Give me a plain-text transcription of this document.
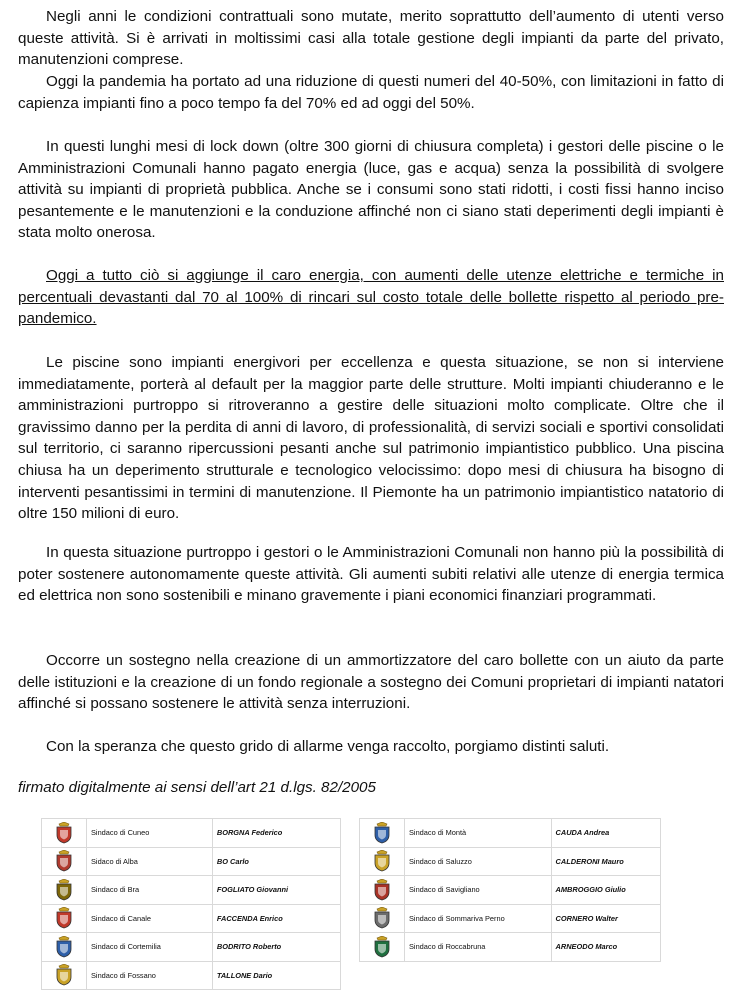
Negli anni le condizioni contrattuali sono mutate, merito soprattutto dell’aumento di utenti verso queste attività. Si è arrivati in moltissimi casi alla totale gestione degli impianti da parte del privato, manutenzioni comprese.

Oggi la pandemia ha portato ad una riduzione di questi numeri del 40-50%, con limitazioni in fatto di capienza impianti fino a poco tempo fa del 70% ed ad oggi del 50%.

In questi lunghi mesi di lock down (oltre 300 giorni di chiusura completa) i gestori delle piscine o le Amministrazioni Comunali hanno pagato energia (luce, gas e acqua) senza la possibilità di svolgere attività su impianti di proprietà pubblica. Anche se i consumi sono stati ridotti, i costi fissi hanno inciso pesantemente e le manutenzioni e la conduzione affinché non ci siano stati deperimenti degli impianti è stata molto onerosa.

Oggi a tutto ciò si aggiunge il caro energia, con aumenti delle utenze elettriche e termiche in percentuali devastanti dal 70 al 100% di rincari sul costo totale delle bollette rispetto al periodo pre- pandemico.

Le piscine sono impianti energivori per eccellenza e questa situazione, se non si interviene immediatamente, porterà al default per la maggior parte delle strutture. Molti impianti chiuderanno e le amministrazioni purtroppo si ritroveranno a gestire delle situazioni molto complicate. Oltre che il gravissimo danno per la perdita di anni di lavoro, di professionalità, di servizi sociali e sportivi consolidati sul territorio, ci saranno ripercussioni pesanti anche sul patrimonio impiantistico pubblico. Una piscina chiusa ha un deperimento strutturale e tecnologico velocissimo: dopo mesi di chiusura ha bisogno di interventi pesantissimi in termini di manutenzione. Il Piemonte ha un patrimonio impiantistico natatorio di oltre 150 milioni di euro.

In questa situazione purtroppo i gestori o le Amministrazioni Comunali non hanno più la possibilità di poter sostenere autonomamente queste attività. Gli aumenti subiti relativi alle utenze di energia termica ed elettrica non sono sostenibili e minano gravemente i piani economici finanziari programmati.

Occorre un sostegno nella creazione di un ammortizzatore del caro bollette con un aiuto da parte delle istituzioni e la creazione di un fondo regionale a sostegno dei Comuni proprietari di impianti natatori affinché si possano sostenere le attività senza interruzioni.

Con la speranza che questo grido di allarme venga raccolto, porgiamo distinti saluti.

firmato digitalmente ai sensi dell’art 21 d.lgs. 82/2005

	Sindaco di Cuneo	BORGNA Federico
	Sidaco di Alba	BO Carlo
	Sindaco di Bra	FOGLIATO Giovanni
	Sindaco di Canale	FACCENDA Enrico
	Sindaco di Cortemilia	BODRITO Roberto
	Sindaco di Fossano	TALLONE Dario
	Sindaco di Montà	CAUDA Andrea
	Sindaco di Saluzzo	CALDERONI Mauro
	Sindaco di Savigliano	AMBROGGIO Giulio
	Sindaco di Sommariva Perno	CORNERO Walter
	Sindaco di Roccabruna	ARNEODO Marco
